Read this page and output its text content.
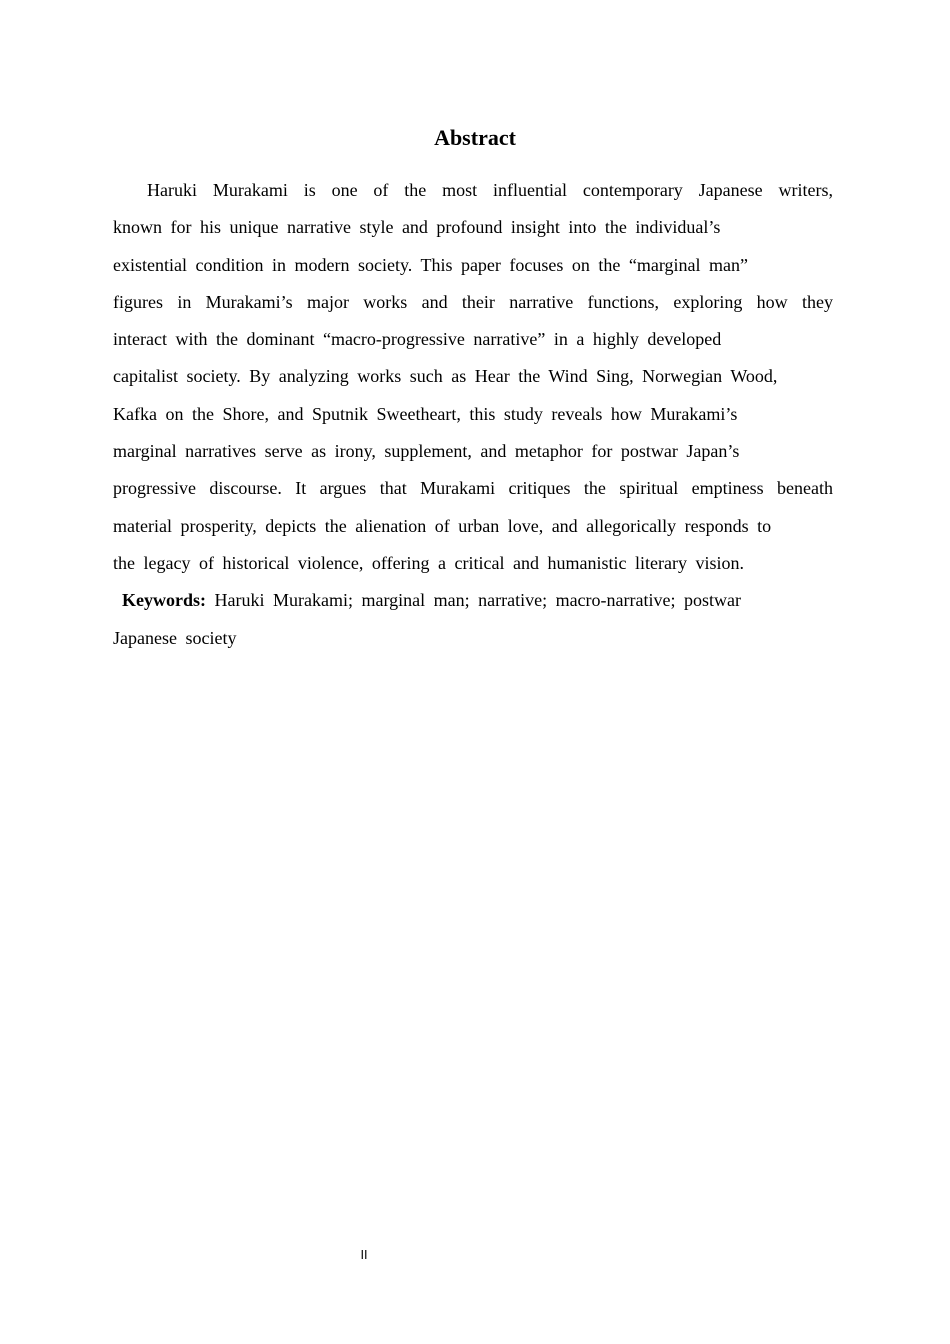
Abstract
Haruki Murakami is one of the most influential contemporary Japanese writers,
known for his unique narrative style and profound insight into the individual’s
existential condition in modern society. This paper focuses on the “marginal man”
figures in Murakami’s major works and their narrative functions, exploring how they
interact with the dominant “macro-progressive narrative” in a highly developed
capitalist society. By analyzing works such as Hear the Wind Sing, Norwegian Wood,
Kafka on the Shore, and Sputnik Sweetheart, this study reveals how Murakami’s
marginal narratives serve as irony, supplement, and metaphor for postwar Japan’s
progressive discourse. It argues that Murakami critiques the spiritual emptiness beneath
material prosperity, depicts the alienation of urban love, and allegorically responds to
the legacy of historical violence, offering a critical and humanistic literary vision.
Keywords: Haruki Murakami; marginal man; narrative; macro-narrative; postwar
Japanese society
II
